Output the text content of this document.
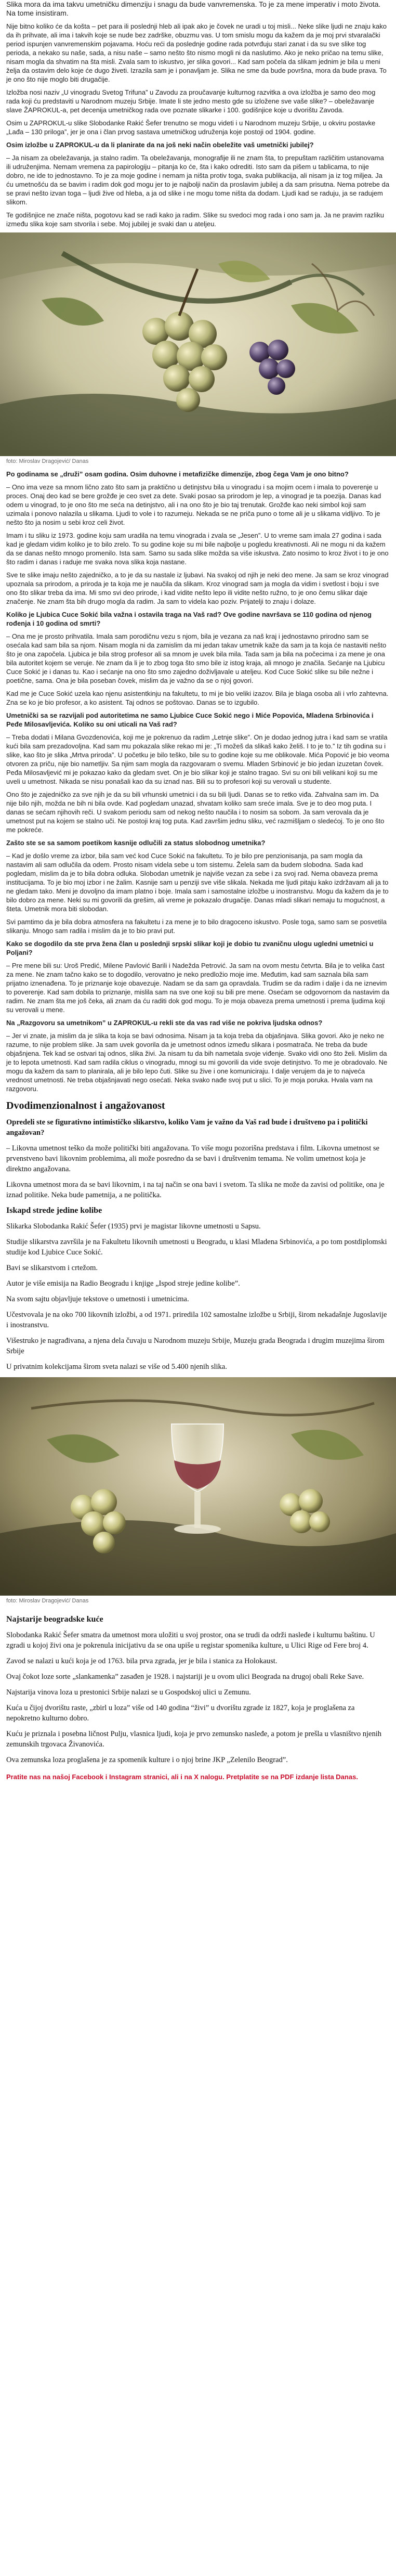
Slika mora da ima takvu umetničku dimenziju i snagu da bude vanvremenska. To je za mene imperativ i moto života. Na tome insistiram.

Nije bitno koliko će da košta – pet para ili poslednji hleb ali ipak ako je čovek ne uradi u toj misli... Neke slike ljudi ne znaju kako da ih prihvate, ali ima i takvih koje se nude bez zadrške, obuzmu vas. U tom smislu mogu da kažem da je moj prvi stvaralački period ispunjen vanvremenskim pojavama. Hoću reći da poslednje godine rada potvrđuju stari zanat i da su sve slike tog perioda, a nekako su naše, sada, a nisu naše – samo nešto što nismo mogli ni da naslutimo. Ako je neko pričao na temu slike, nisam mogla da shvatim na šta misli. Zvala sam to iskustvo, jer slika govori... Kad sam počela da slikam jednim je bila u meni želja da ostavim delo koje će dugo živeti. Izrazila sam je i ponavljam je. Slika ne sme da bude površna, mora da bude prava. To je ono što nije moglo biti drugačije.

Izložba nosi naziv „U vinogradu Svetog Trifuna” u Zavodu za proučavanje kulturnog razvitka a ova izložba je samo deo mog rada koji ću predstaviti u Narodnom muzeju Srbije. Imate li ste jedno mesto gde su izložene sve vaše slike? – obeležavanje slave ŽAPROKUL-a, pet decenija umetničkog rada ove poznate slikarke i 100. godišnjice koje u dvorištu Zavoda.

Osim u ZAPROKUL-u slike Slobodanke Rakić Šefer trenutno se mogu videti i u Narodnom muzeju Srbije, u okviru postavke „Lađa – 130 priloga”, jer je ona i član prvog sastava umetničkog udruženja koje postoji od 1904. godine.

Osim izložbe u ZAPROKUL-u da li planirate da na još neki način obeležite vaš umetnički jubilej?

– Ja nisam za obeležavanja, ja stalno radim. Ta obeležavanja, monografije ili ne znam šta, to prepuštam različitim ustanovama ili udruženjima. Nemam vremena za papirologiju – pitanja ko će, šta i kako odrediti. Isto sam da pišem u tablicama, to nije dobro, ne ide to jednostavno. To je za moje godine i nemam ja ništa protiv toga, svaka publikacija, ali nisam ja iz tog miljea. Ja ću umetnošću da se bavim i radim dok god mogu jer to je najbolji način da proslavim jubilej a da sam prisutna. Nema potrebe da se pravi nešto izvan toga – ljudi žive od hleba, a ja od slike i ne mogu tome ništa da dodam. Ljudi kad se raduju, ja se radujem slikom.

Te godišnjice ne znače ništa, pogotovu kad se radi kako ja radim. Slike su svedoci mog rada i ono sam ja. Ja ne pravim razliku između slika koje sam stvorila i sebe. Moj jubilej je svaki dan u ateljeu.

foto: Miroslav Dragojević/ Danas

Po godinama se „druži” osam godina. Osim duhovne i metafizičke dimenzije, zbog čega Vam je ono bitno?

– Ono ima veze sa mnom lično zato što sam ja praktično u detinjstvu bila u vinogradu i sa mojim ocem i imala to poverenje u proces. Onaj deo kad se bere grožđe je ceo svet za dete. Svaki posao sa prirodom je lep, a vinograd je ta poezija. Danas kad odem u vinograd, to je ono što me seća na detinjstvo, ali i na ono što je bio taj trenutak. Grožđe kao neki simbol koji sam uzimala i ponovo nalazila u slikama. Ljudi to vole i to razumeju. Nekada se ne priča puno o tome ali je u slikama vidljivo. To je nešto što ja nosim u sebi kroz celi život.

Imam i tu sliku iz 1973. godine koju sam uradila na temu vinograda i zvala se „Jesen”. U to vreme sam imala 27 godina i sada kad je gledam vidim koliko je to bilo zrelo. To su godine koje su mi bile najbolje u pogledu kreativnosti. Ali ne mogu ni da kažem da se danas nešto mnogo promenilo. Ista sam. Samo su sada slike možda sa više iskustva. Zato nosimo to kroz život i to je ono što radim i danas i raduje me svaka nova slika koja nastane.

Sve te slike imaju nešto zajedničko, a to je da su nastale iz ljubavi. Na svakoj od njih je neki deo mene. Ja sam se kroz vinograd upoznala sa prirodom, a priroda je ta koja me je naučila da slikam. Kroz vinograd sam ja mogla da vidim i svetlost i boju i sve ono što slikar treba da ima. Mi smo svi deo prirode, i kad vidite nešto lepo ili vidite nešto ružno, to je ono čemu slikar daje značenje. Ne znam šta bih drugo mogla da radim. Ja sam to videla kao poziv. Prijatelji to znaju i dolaze.

Koliko je Ljubica Cucе Sokić bila važna i ostavila traga na Vaš rad? Ove godine navršava se 110 godina od njenog rođenja i 10 godina od smrti?

– Ona me je prosto prihvatila. Imala sam porodičnu vezu s njom, bila je vezana za naš kraj i jednostavno prirodno sam se osećala kad sam bila sa njom. Nisam mogla ni da zamislim da mi jedan takav umetnik kaže da sam ja ta koja će nastaviti nešto što je ona započela. Ljubica je bila strog profesor ali sa mnom je uvek bila mila. Tada sam ja bila na počecima i za mene je ona bila autoritet kojem se veruje. Ne znam da li je to zbog toga što smo bile iz istog kraja, ali mnogo je značila. Sećanje na Ljubicu Cuce Sokić je i danas tu. Kao i sećanje na ono što smo zajedno doživljavale u ateljeu. Kod Cuce Sokić slike su bile nežne i poetične, sama. Ona je bila poseban čovek, mislim da je važno da se o njoj govori.

Kad me je Cuce Sokić uzela kao njenu asistentkinju na fakultetu, to mi je bio veliki izazov. Bila je blaga osoba ali i vrlo zahtevna. Zna se ko je bio profesor, a ko asistent. Taj odnos se poštovao. Danas se to izgubilo.

Umetnički sa se razvijali pod autoritetima ne samo Ljubice Cuce Sokić nego i Miće Popovića, Mladena Srbinovića i Peđe Milosavljevića. Koliko su oni uticali na Vaš rad?

– Treba dodati i Milana Gvozdenovića, koji me je pokrenuo da radim „Letnje slike”. On je dodao jednog jutra i kad sam se vratila kući bila sam prezadovoljna. Kad sam mu pokazala slike rekao mi je: „Ti možeš da slikaš kako želiš. I to je to.” Iz tih godina su i slike, kao što je slika „Mrtva priroda”. U početku je bilo teško, bile su to godine koje su me oblikovale. Mića Popović je bio veoma otvoren za priču, nije bio nametljiv. Sa njim sam mogla da razgovaram o svemu. Mladen Srbinović je bio jedan izuzetan čovek. Peđa Milosavljević mi je pokazao kako da gledam svet. On je bio slikar koji je stalno tragao. Svi su oni bili velikani koji su me uveli u umetnost. Nikada se nisu ponašali kao da su iznad nas. Bili su to profesori koji su verovali u studente.

Ono što je zajedničko za sve njih je da su bili vrhunski umetnici i da su bili ljudi. Danas se to retko viđa. Zahvalna sam im. Da nije bilo njih, možda ne bih ni bila ovde. Kad pogledam unazad, shvatam koliko sam sreće imala. Sve je to deo mog puta. I danas se sećam njihovih reči. U svakom periodu sam od nekog nešto naučila i to nosim sa sobom. Ja sam verovala da je umetnost put na kojem se stalno uči. Ne postoji kraj tog puta. Kad završim jednu sliku, već razmišljam o sledećoj. To je ono što me pokreće.

Zašto ste se sa samom poetikom kasnije odlučili za status slobodnog umetnika?

– Kad je došlo vreme za izbor, bila sam već kod Cuce Sokić na fakultetu. To je bilo pre penzionisanja, pa sam mogla da nastavim ali sam odlučila da odem. Prosto nisam videla sebe u tom sistemu. Želela sam da budem slobodna. Sada kad pogledam, mislim da je to bila dobra odluka. Slobodan umetnik je najviše vezan za sebe i za svoj rad. Nema obaveza prema institucijama. To je bio moj izbor i ne žalim. Kasnije sam u penziji sve više slikala. Nekada me ljudi pitaju kako izdržavam ali ja to ne gledam tako. Meni je dovoljno da imam platno i boje. Imala sam i samostalne izložbe u inostranstvu. Mogu da kažem da je to bilo dobro za mene. Neki su mi govorili da grešim, ali vreme je pokazalo drugačije. Danas mladi slikari nemaju tu mogućnost, a šteta. Umetnik mora biti slobodan.

Svi pamtimo da je bila dobra atmosfera na fakultetu i za mene je to bilo dragoceno iskustvo. Posle toga, samo sam se posvetila slikanju. Mnogo sam radila i mislim da je to bio pravi put.

Kako se dogodilo da ste prva žena član u poslednji srpski slikar koji je dobio tu zvaničnu ulogu ugledni umetnici u Poljani?

– Pre mene bili su: Uroš Predić, Milene Pavlović Barili i Nadežda Petrović. Ja sam na ovom mestu četvrta. Bila je to velika čast za mene. Ne znam tačno kako se to dogodilo, verovatno je neko predložio moje ime. Međutim, kad sam saznala bila sam prijatno iznenađena. To je priznanje koje obavezuje. Nadam se da sam ga opravdala. Trudim se da radim i dalje i da ne iznevim to poverenje. Kad sam dobila to priznanje, mislila sam na sve one koji su bili pre mene. Osećam se odgovornom da nastavim da radim. Ne znam šta me još čeka, ali znam da ću raditi dok god mogu. To je moja obaveza prema umetnosti i prema ljudima koji su verovali u mene.

Na „Razgovoru sa umetnikom” u ZAPROKUL-u rekli ste da vas rad više ne pokriva ljudska odnos?

– Jer vi znate, ja mislim da je slika ta koja se bavi odnosima. Nisam ja ta koja treba da objašnjava. Slika govori. Ako je neko ne razume, to nije problem slike. Ja sam uvek govorila da je umetnost odnos između slikara i posmatrača. Ne treba da bude objašnjena. Tek kad se ostvari taj odnos, slika živi. Ja nisam tu da bih nametala svoje viđenje. Svako vidi ono što želi. Mislim da je to lepota umetnosti. Kad sam radila ciklus o vinogradu, mnogi su mi govorili da vide svoje detinjstvo. To me je obradovalo. Ne mogu da kažem da sam to planirala, ali je bilo lepo čuti. Slike su žive i one komuniciraju. I dalje verujem da je to najveća vrednost umetnosti. Ne treba objašnjavati nego osećati. Neka svako nađe svoj put u slici. To je moja poruka. Hvala vam na razgovoru.

Dvodimenzionalnost i angažovanost

Opredeli ste se figurativno intimističko slikarstvo, koliko Vam je važno da Vaš rad bude i društveno pa i politički angažovan?

– Likovna umetnost teško da može politički biti angažovana. To više mogu pozorišna predstava i film. Likovna umetnost se prvenstveno bavi likovnim problemima, ali može posredno da se bavi i društvenim temama. Ne volim umetnost koja je direktno angažovana.

Likovna umetnost mora da se bavi likovnim, i na taj način se ona bavi i svetom. Ta slika ne može da zavisi od politike, ona je iznad politike. Neka bude pametnija, a ne politička.

Iskapd strede jedine kolibe

Slikarka Slobodanka Rakić Šefer (1935) prvi je magistar likovne umetnosti u Sapsu.

Studije slikarstva završila je na Fakultetu likovnih umetnosti u Beogradu, u klasi Mladena Srbinovića, a po tom postdiplomski studije kod Ljubice Cuce Sokić.

Bavi se slikarstvom i crtežom.

Autor je više emisija na Radio Beogradu i knjige „Ispod streje jedine kolibe”.

Na svom sajtu objavljuje tekstove o umetnosti i umetnicima.

Učestvovala je na oko 700 likovnih izložbi, a od 1971. priredila 102 samostalne izložbe u Srbiji, širom nekadašnje Jugoslavije i inostranstvu.

Višestruko je nagrađivana, a njena dela čuvaju u Narodnom muzeju Srbije, Muzeju grada Beograda i drugim muzejima širom Srbije

U privatnim kolekcijama širom sveta nalazi se više od 5.400 njenih slika.

foto: Miroslav Dragojević/ Danas

Najstarije beogradske kuće

Slobodanka Rakić Šefer smatra da umetnost mora uložiti u svoj prostor, ona se trudi da održi nasleđe i kulturnu baštinu. U zgradi u kojoj živi ona je pokrenula inicijativu da se ona upiše u registar spomenika kulture, u Ulici Rige od Fere broj 4.

Zavod se nalazi u kući koja je od 1763. bila prva zgrada, jer je bila i stanica za Holokaust.

Ovaj čokot loze sorte „slankamenka” zasađen je 1928. i najstariji je u ovom ulici Beograda na drugoj obali Reke Save.

Najstarija vinova loza u prestonici Srbije nalazi se u Gospodskoj ulici u Zemunu.

Kuća u čijoj dvorištu raste, „zbirl u loza” više od 140 godina “živi” u dvorištu zgrade iz 1827, koja je proglašena za nepokretno kulturno dobro.

Kuću je priznala i posebna ličnost Pulju, vlasnica ljudi, koja je prvo zemunsko nasleđe, a potom je prešla u vlasništvo njenih zemunskih trgovaca Živanovića.

Ova zemunska loza proglašena je za spomenik kulture i o njoj brine JKP „Zelenilo Beograd”.

Pratite nas na našoj Facebook i Instagram stranici, ali i na X nalogu. Pretplatite se na PDF izdanje lista Danas.
